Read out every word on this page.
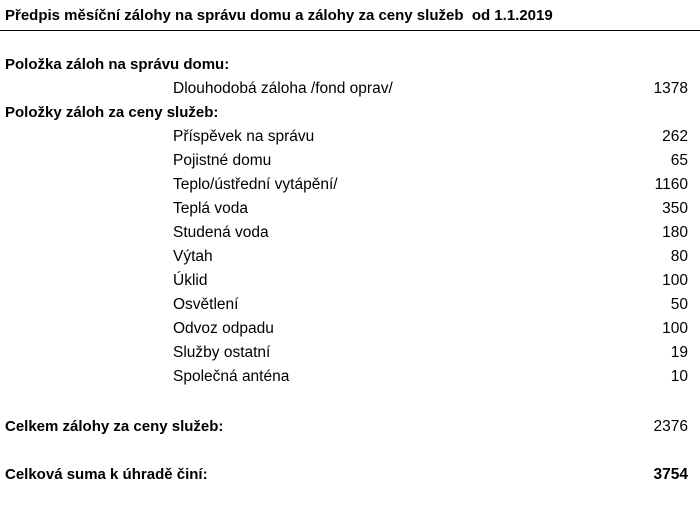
Předpis měsíční zálohy na správu domu a zálohy za ceny služeb  od 1.1.2019
Položka záloh na správu domu:
Dlouhodobá záloha /fond oprav/	1378
Položky záloh za ceny služeb:
Příspěvek na správu	262
Pojistné domu	65
Teplo/ústřední vytápění/	1160
Teplá voda	350
Studená voda	180
Výtah	80
Úklid	100
Osvětlení	50
Odvoz odpadu	100
Služby ostatní	19
Společná anténa	10
Celkem zálohy za ceny služeb:	2376
Celková suma k úhradě činí:	3754
